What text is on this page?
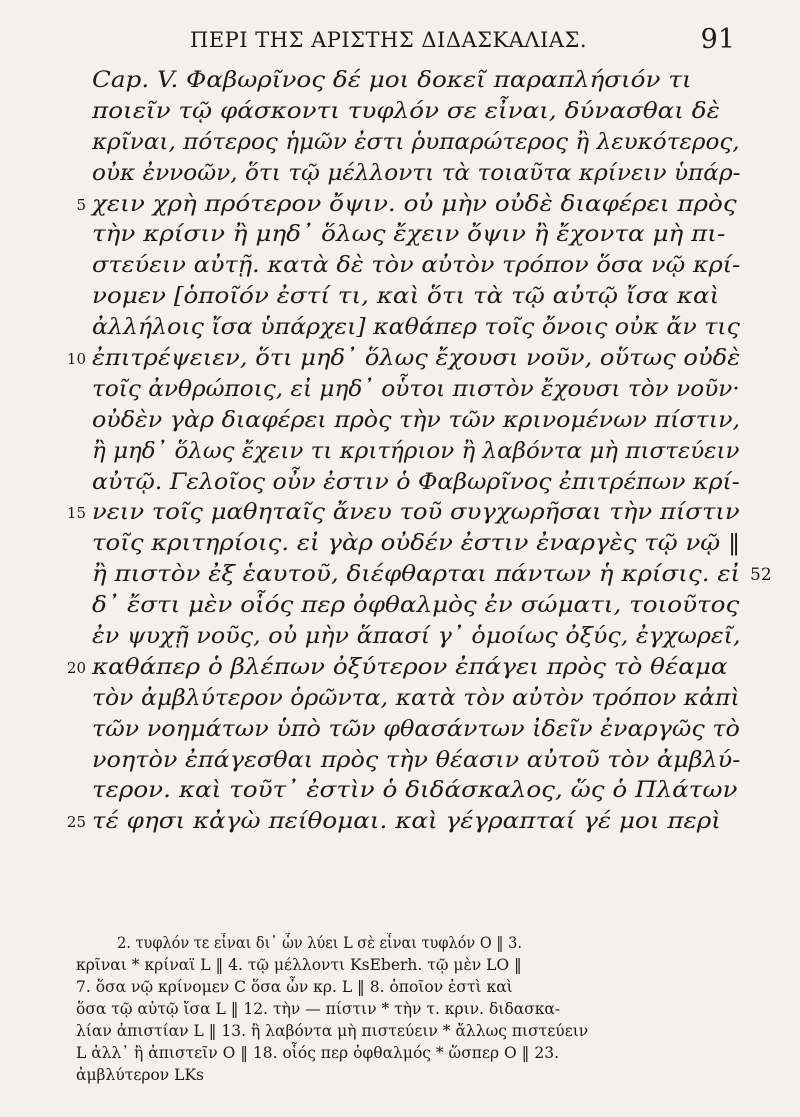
ΠΕΡΙ ΤΗΣ ΑΡΙΣΤΗΣ ΔΙΔΑΣΚΑΛΙΑΣ.	91
Cap. V. Φαβωρῖνος δέ μοι δοκεῖ παραπλήσιόν τι
ποιεῖν τῷ φάσκοντι τυφλόν σε εἶναι, δύνασθαι δὲ
κρῖναι, πότερος ἡμῶν ἐστι ῥυπαρώτερος ἢ λευκότερος,
οὐκ ἐννοῶν, ὅτι τῷ μέλλοντι τὰ τοιαῦτα κρίνειν ὑπάρ-
5 χειν χρὴ πρότερον ὄψιν. οὐ μὴν οὐδὲ διαφέρει πρὸς
τὴν κρίσιν ἢ μηδ᾽ ὅλως ἔχειν ὄψιν ἢ ἔχοντα μὴ πι-
στεύειν αὐτῇ. κατὰ δὲ τὸν αὐτὸν τρόπον ὅσα νῷ κρί-
νομεν [ὁποῖόν ἐστί τι, καὶ ὅτι τὰ τῷ αὐτῷ ἴσα καὶ
ἀλλήλοις ἴσα ὑπάρχει] καθάπερ τοῖς ὄνοις οὐκ ἄν τις
10 ἐπιτρέψειεν, ὅτι μηδ᾽ ὅλως ἔχουσι νοῦν, οὕτως οὐδὲ
τοῖς ἀνθρώποις, εἰ μηδ᾽ οὗτοι πιστὸν ἔχουσι τὸν νοῦν·
οὐδὲν γὰρ διαφέρει πρὸς τὴν τῶν κρινομένων πίστιν,
ἢ μηδ᾽ ὅλως ἔχειν τι κριτήριον ἢ λαβόντα μὴ πιστεύειν
αὐτῷ. Γελοῖος οὖν ἐστιν ὁ Φαβωρῖνος ἐπιτρέπων κρί-
15 νειν τοῖς μαθηταῖς ἄνευ τοῦ συγχωρῆσαι τὴν πίστιν
τοῖς κριτηρίοις. εἰ γὰρ οὐδέν ἐστιν ἐναργὲς τῷ νῷ ‖
ἢ πιστὸν ἐξ ἑαυτοῦ, διέφθαρται πάντων ἡ κρίσις. εἰ 52
δ᾽ ἔστι μὲν οἷός περ ὀφθαλμὸς ἐν σώματι, τοιοῦτος
ἐν ψυχῇ νοῦς, οὐ μὴν ἅπασί γ᾽ ὁμοίως ὀξύς, ἐγχωρεῖ,
20 καθάπερ ὁ βλέπων ὀξύτερον ἐπάγει πρὸς τὸ θέαμα
τὸν ἀμβλύτερον ὁρῶντα, κατὰ τὸν αὐτὸν τρόπον κἀπὶ
τῶν νοημάτων ὑπὸ τῶν φθασάντων ἰδεῖν ἐναργῶς τὸ
νοητὸν ἐπάγεσθαι πρὸς τὴν θέασιν αὐτοῦ τὸν ἀμβλύ-
τερον. καὶ τοῦτ᾽ ἐστὶν ὁ διδάσκαλος, ὥς ὁ Πλάτων
25 τέ φησι κἀγὼ πείθομαι. καὶ γέγραπταί γέ μοι περὶ
2. τυφλόν τε εἶναι δι᾽ ὧν λύει L σὲ εἶναι τυφλόν O ‖ 3.
κρῖναι * κρίναϊ L ‖ 4. τῷ μέλλοντι KsEberh. τῷ μὲν LO ‖
7. ὅσα νῷ κρίνομεν C ὅσα ὧν κρ. L ‖ 8. ὁποῖον ἐστὶ καὶ
ὅσα τῷ αὐτῷ ἴσα L ‖ 12. τὴν — πίστιν * τὴν τ. κριν. διδασκα-
λίαν ἀπιστίαν L ‖ 13. ἢ λαβόντα μὴ πιστεύειν * ἄλλως πιστεύειν
L ἀλλ᾽ ἢ ἀπιστεῖν O ‖ 18. οἷός περ ὀφθαλμός * ὥσπερ O ‖ 23.
ἀμβλύτερον LKs
